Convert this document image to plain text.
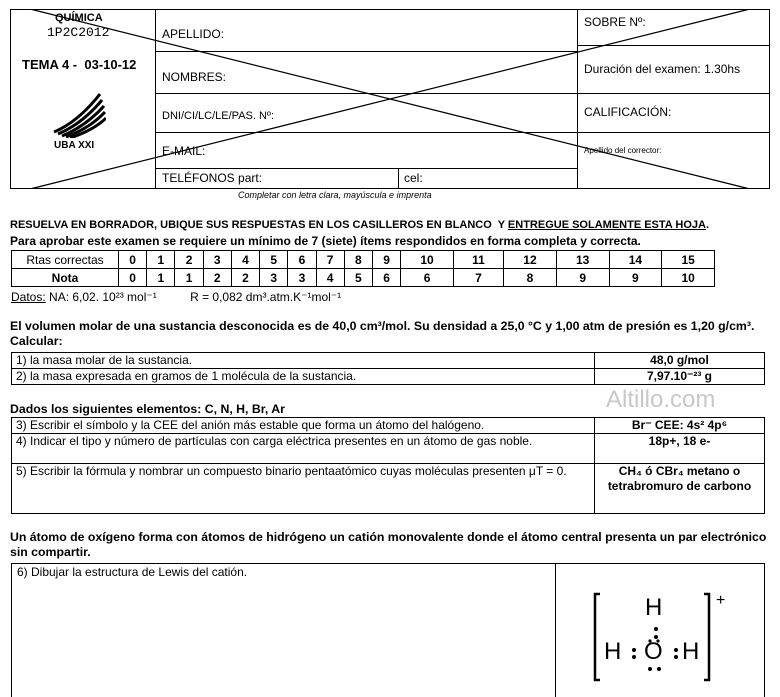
QUÍMICA
1P2C2012
TEMA 4 -  03-10-12
UBA XXI
APELLIDO:
NOMBRES:
DNI/CI/LC/LE/PAS. Nº:
E-MAIL:
TELÉFONOS part:	cel:
SOBRE Nº:
Duración del examen: 1.30hs
CALIFICACIÓN:
Apellido del corrector:
Completar con letra clara, mayúscula e imprenta
RESUELVA EN BORRADOR, UBIQUE SUS RESPUESTAS EN LOS CASILLEROS EN BLANCO  Y ENTREGUE SOLAMENTE ESTA HOJA.
Para aprobar este examen se requiere un mínimo de 7 (siete) ítems respondidos en forma completa y correcta.
Rtas correctas	0	1	2	3	4	5	6	7	8	9	10	11	12	13	14	15
Nota	0	1	1	2	2	3	3	4	5	6	6	7	8	9	9	10
Datos: NA: 6,02. 10²³ mol⁻¹	R = 0,082 dm³.atm.K⁻¹mol⁻¹
El volumen molar de una sustancia desconocida es de 40,0 cm³/mol. Su densidad a 25,0 °C y 1,00 atm de presión es 1,20 g/cm³. Calcular:
1) la masa molar de la sustancia.	48,0 g/mol
2) la masa expresada en gramos de 1 molécula de la sustancia.	7,97.10⁻²³ g
Altillo.com
Dados los siguientes elementos: C, N, H, Br, Ar
3) Escribir el símbolo y la CEE del anión más estable que forma un átomo del halógeno.	Br⁻ CEE: 4s² 4p⁶
4) Indicar el tipo y número de partículas con carga eléctrica presentes en un átomo de gas noble.	18p+, 18 e-
5) Escribir la fórmula y nombrar un compuesto binario pentaatómico cuyas moléculas presenten μT = 0.	CH₄ ó CBr₄ metano o tetrabromuro de carbono
Un átomo de oxígeno forma con átomos de hidrógeno un catión monovalente donde el átomo central presenta un par electrónico sin compartir.
6) Dibujar la estructura de Lewis del catión.
H
H O H
+
